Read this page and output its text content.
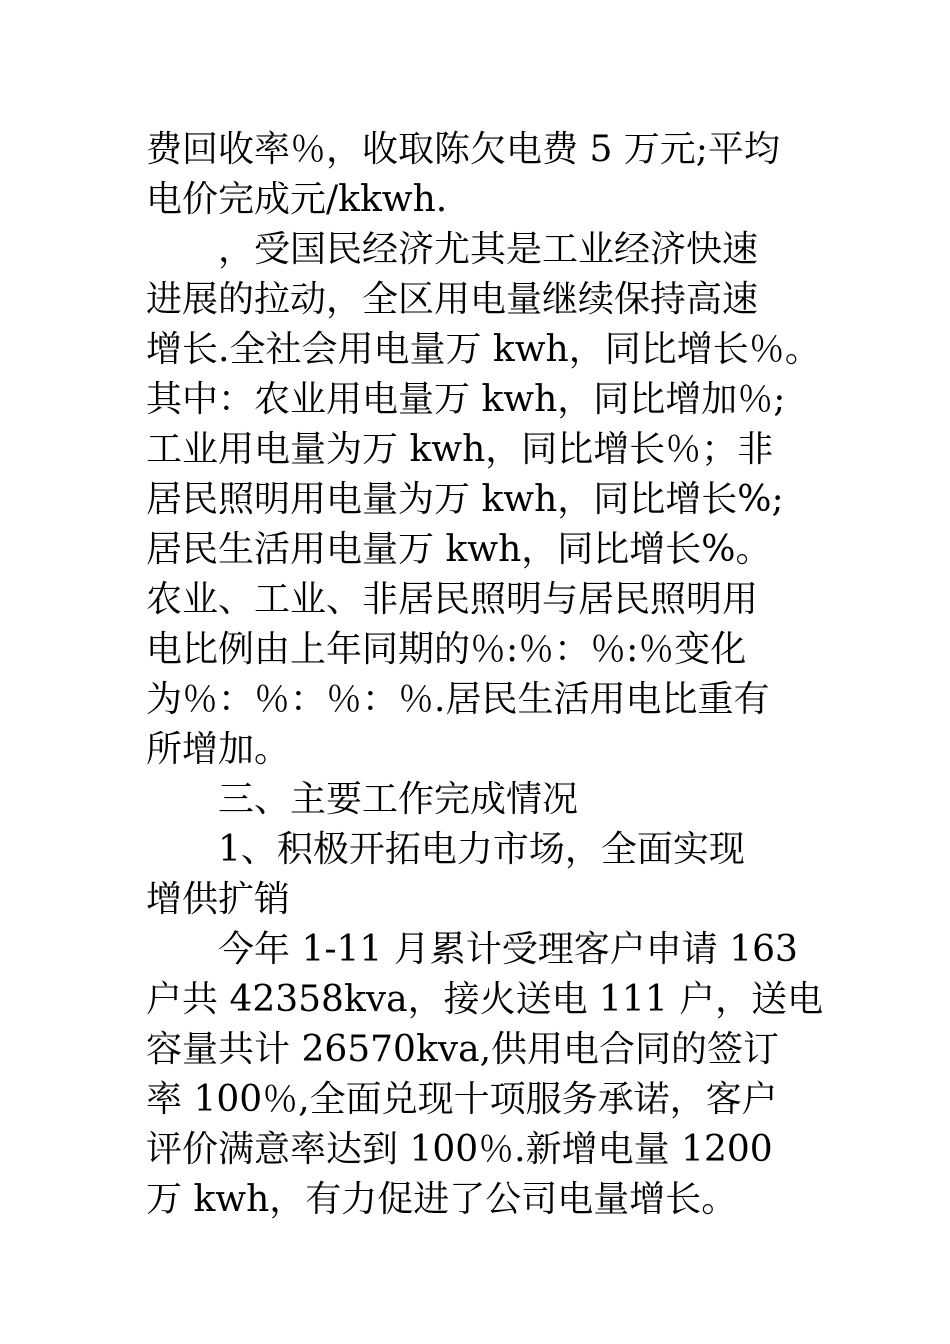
费回收率％，收取陈欠电费 5 万元;平均
电价完成元/kkwh.
，受国民经济尤其是工业经济快速
进展的拉动，全区用电量继续保持高速
增长.全社会用电量万 kwh，同比增长％。
其中：农业用电量万 kwh，同比增加％;
工业用电量为万 kwh，同比增长％；非
居民照明用电量为万 kwh，同比增长%;
居民生活用电量万 kwh，同比增长%。
农业、工业、非居民照明与居民照明用
电比例由上年同期的％:％：％:％变化
为％：％：％：％.居民生活用电比重有
所增加。
三、主要工作完成情况
1、积极开拓电力市场，全面实现
增供扩销
今年 1-11 月累计受理客户申请 163
户共 42358kva，接火送电 111 户，送电
容量共计 26570kva,供用电合同的签订
率 100％,全面兑现十项服务承诺，客户
评价满意率达到 100％.新增电量 1200
万 kwh，有力促进了公司电量增长。
